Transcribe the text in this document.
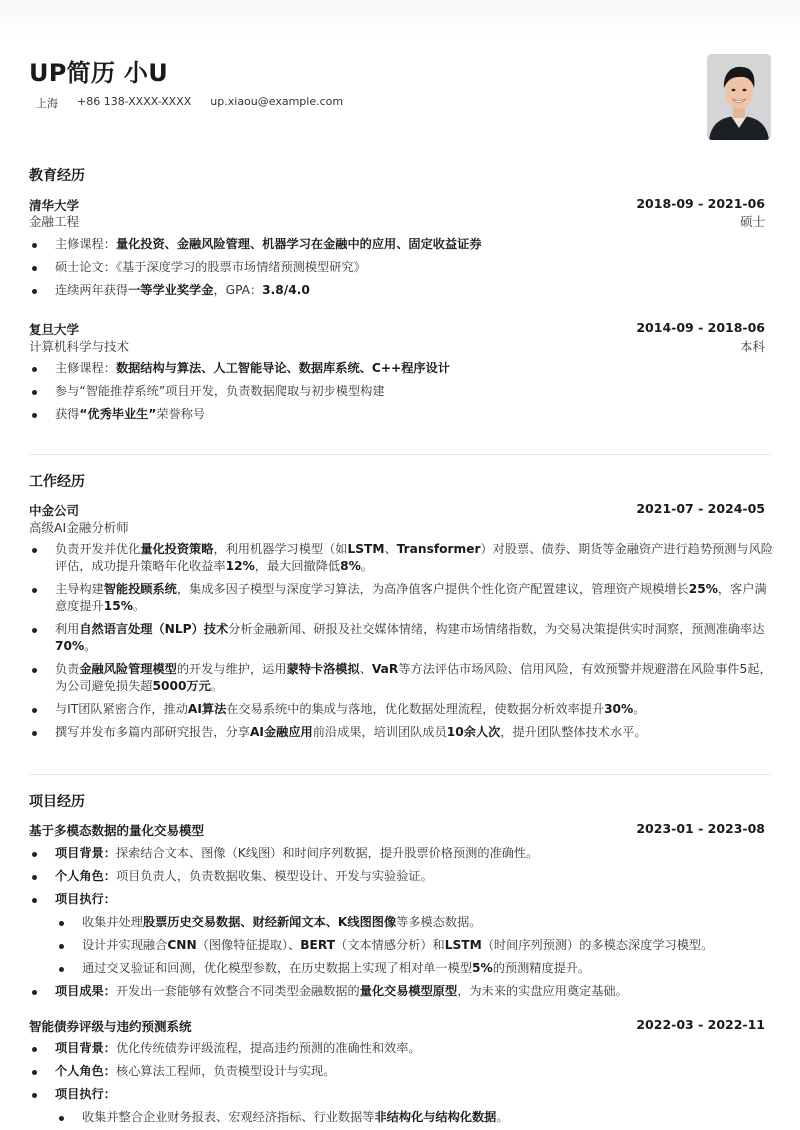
UP简历 小U
上海 +86 138-XXXX-XXXX up.xiaou@example.com
教育经历
清华大学	2018-09 - 2021-06
金融工程	硕士
主修课程：量化投资、金融风险管理、机器学习在金融中的应用、固定收益证券
硕士论文：《基于深度学习的股票市场情绪预测模型研究》
连续两年获得一等学业奖学金，GPA：3.8/4.0
复旦大学	2014-09 - 2018-06
计算机科学与技术	本科
主修课程：数据结构与算法、人工智能导论、数据库系统、C++程序设计
参与“智能推荐系统”项目开发，负责数据爬取与初步模型构建
获得“优秀毕业生”荣誉称号
工作经历
中金公司	2021-07 - 2024-05
高级AI金融分析师
负责开发并优化量化投资策略，利用机器学习模型（如LSTM、Transformer）对股票、债券、期货等金融资产进行趋势预测与风险评估，成功提升策略年化收益率12%，最大回撤降低8%。
主导构建智能投顾系统，集成多因子模型与深度学习算法，为高净值客户提供个性化资产配置建议，管理资产规模增长25%，客户满意度提升15%。
利用自然语言处理（NLP）技术分析金融新闻、研报及社交媒体情绪，构建市场情绪指数，为交易决策提供实时洞察，预测准确率达70%。
负责金融风险管理模型的开发与维护，运用蒙特卡洛模拟、VaR等方法评估市场风险、信用风险，有效预警并规避潜在风险事件5起，为公司避免损失超5000万元。
与IT团队紧密合作，推动AI算法在交易系统中的集成与落地，优化数据处理流程，使数据分析效率提升30%。
撰写并发布多篇内部研究报告，分享AI金融应用前沿成果，培训团队成员10余人次，提升团队整体技术水平。
项目经历
基于多模态数据的量化交易模型	2023-01 - 2023-08
项目背景：探索结合文本、图像（K线图）和时间序列数据，提升股票价格预测的准确性。
个人角色：项目负责人，负责数据收集、模型设计、开发与实验验证。
项目执行：
收集并处理股票历史交易数据、财经新闻文本、K线图图像等多模态数据。
设计并实现融合CNN（图像特征提取）、BERT（文本情感分析）和LSTM（时间序列预测）的多模态深度学习模型。
通过交叉验证和回测，优化模型参数，在历史数据上实现了相对单一模型5%的预测精度提升。
项目成果：开发出一套能够有效整合不同类型金融数据的量化交易模型原型，为未来的实盘应用奠定基础。
智能债券评级与违约预测系统	2022-03 - 2022-11
项目背景：优化传统债券评级流程，提高违约预测的准确性和效率。
个人角色：核心算法工程师，负责模型设计与实现。
项目执行：
收集并整合企业财务报表、宏观经济指标、行业数据等非结构化与结构化数据。
